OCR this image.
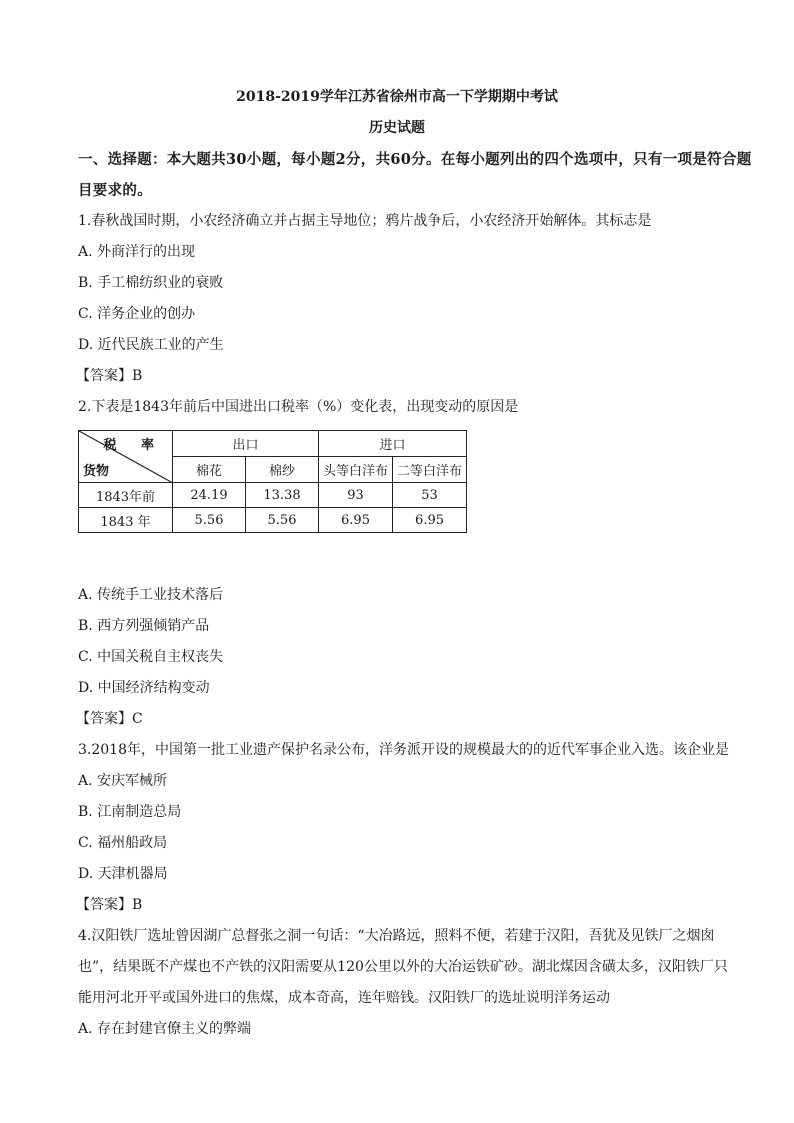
2018-2019学年江苏省徐州市高一下学期期中考试
历史试题
一、选择题：本大题共30小题，每小题2分，共60分。在每小题列出的四个选项中，只有一项是符合题
目要求的。
1.春秋战国时期，小农经济确立并占据主导地位；鸦片战争后，小农经济开始解体。其标志是
A. 外商洋行的出现
B. 手工棉纺织业的衰败
C. 洋务企业的创办
D. 近代民族工业的产生
【答案】B
2.下表是1843年前后中国进出口税率（%）变化表，出现变动的原因是
税 率
货物	出口		进口	
	棉花	棉纱	头等白洋布	二等白洋布
1843年前	24.19	13.38	93	53
1843 年	5.56	5.56	6.95	6.95
A. 传统手工业技术落后
B. 西方列强倾销产品
C. 中国关税自主权丧失
D. 中国经济结构变动
【答案】C
3.2018年，中国第一批工业遗产保护名录公布，洋务派开设的规模最大的的近代军事企业入选。该企业是
A. 安庆军械所
B. 江南制造总局
C. 福州船政局
D. 天津机器局
【答案】B
4.汉阳铁厂选址曾因湖广总督张之洞一句话：“大冶路远，照料不便，若建于汉阳，吾犹及见铁厂之烟囱
也”，结果既不产煤也不产铁的汉阳需要从120公里以外的大冶运铁矿砂。湖北煤因含磺太多，汉阳铁厂只
能用河北开平或国外进口的焦煤，成本奇高，连年赔钱。汉阳铁厂的选址说明洋务运动
A. 存在封建官僚主义的弊端
